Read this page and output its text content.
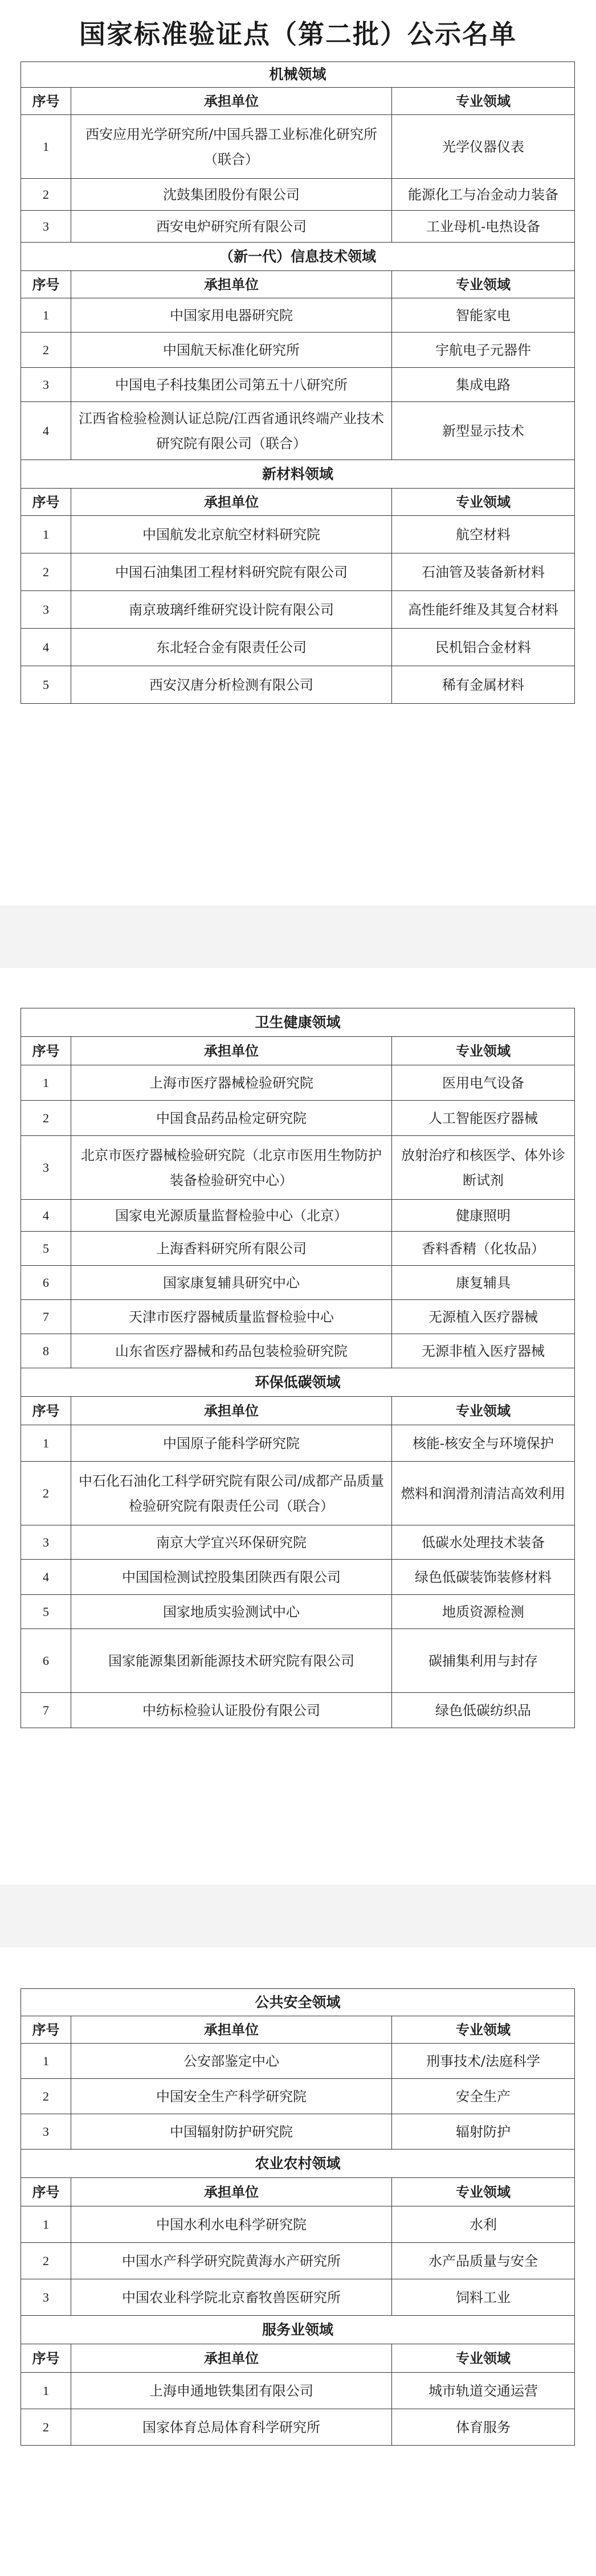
国家标准验证点（第二批）公示名单
机械领域		
序号	承担单位	专业领域
1	西安应用光学研究所/中国兵器工业标准化研究所（联合）	光学仪器仪表
2	沈鼓集团股份有限公司	能源化工与冶金动力装备
3	西安电炉研究所有限公司	工业母机-电热设备
（新一代）信息技术领域		
序号	承担单位	专业领域
1	中国家用电器研究院	智能家电
2	中国航天标准化研究所	宇航电子元器件
3	中国电子科技集团公司第五十八研究所	集成电路
4	江西省检验检测认证总院/江西省通讯终端产业技术研究院有限公司（联合）	新型显示技术
新材料领域		
序号	承担单位	专业领域
1	中国航发北京航空材料研究院	航空材料
2	中国石油集团工程材料研究院有限公司	石油管及装备新材料
3	南京玻璃纤维研究设计院有限公司	高性能纤维及其复合材料
4	东北轻合金有限责任公司	民机铝合金材料
5	西安汉唐分析检测有限公司	稀有金属材料
卫生健康领域		
序号	承担单位	专业领域
1	上海市医疗器械检验研究院	医用电气设备
2	中国食品药品检定研究院	人工智能医疗器械
3	北京市医疗器械检验研究院（北京市医用生物防护装备检验研究中心）	放射治疗和核医学、体外诊断试剂
4	国家电光源质量监督检验中心（北京）	健康照明
5	上海香料研究所有限公司	香料香精（化妆品）
6	国家康复辅具研究中心	康复辅具
7	天津市医疗器械质量监督检验中心	无源植入医疗器械
8	山东省医疗器械和药品包装检验研究院	无源非植入医疗器械
环保低碳领域		
序号	承担单位	专业领域
1	中国原子能科学研究院	核能-核安全与环境保护
2	中石化石油化工科学研究院有限公司/成都产品质量检验研究院有限责任公司（联合）	燃料和润滑剂清洁高效利用
3	南京大学宜兴环保研究院	低碳水处理技术装备
4	中国国检测试控股集团陕西有限公司	绿色低碳装饰装修材料
5	国家地质实验测试中心	地质资源检测
6	国家能源集团新能源技术研究院有限公司	碳捕集利用与封存
7	中纺标检验认证股份有限公司	绿色低碳纺织品
公共安全领域		
序号	承担单位	专业领域
1	公安部鉴定中心	刑事技术/法庭科学
2	中国安全生产科学研究院	安全生产
3	中国辐射防护研究院	辐射防护
农业农村领域		
序号	承担单位	专业领域
1	中国水利水电科学研究院	水利
2	中国水产科学研究院黄海水产研究所	水产品质量与安全
3	中国农业科学院北京畜牧兽医研究所	饲料工业
服务业领域		
序号	承担单位	专业领域
1	上海申通地铁集团有限公司	城市轨道交通运营
2	国家体育总局体育科学研究所	体育服务
